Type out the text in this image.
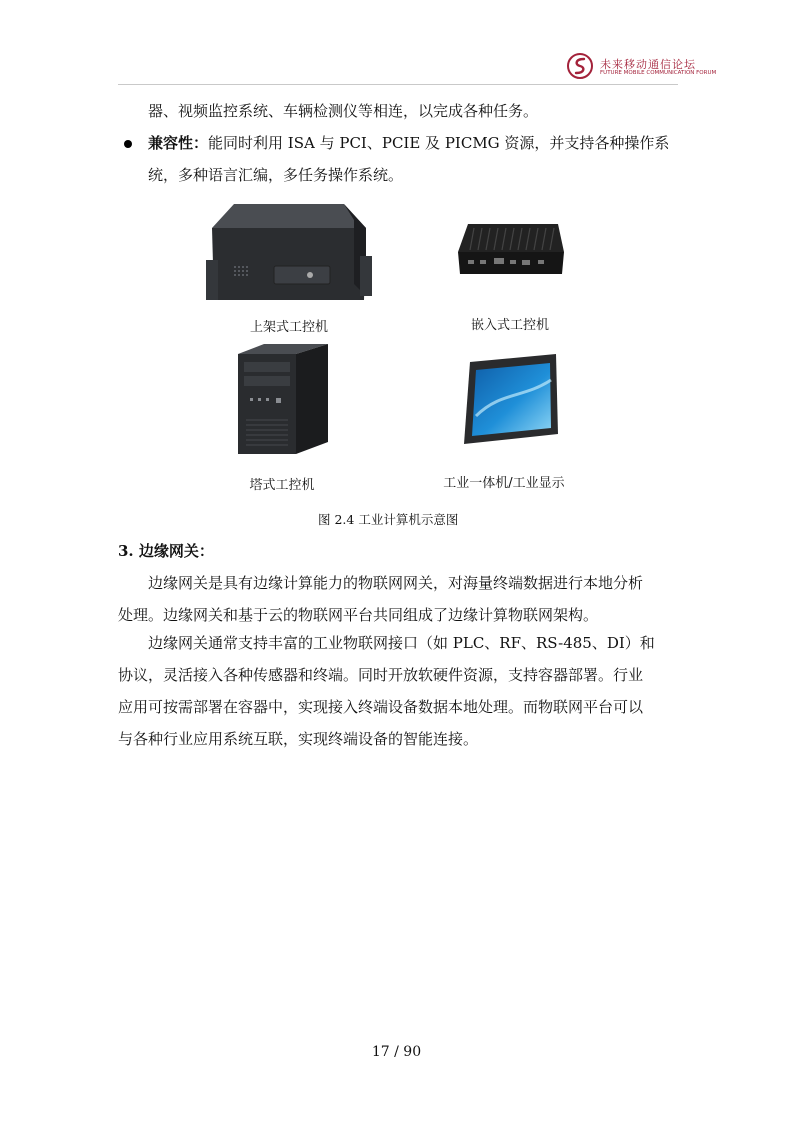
未来移动通信论坛
FUTURE MOBILE COMMUNICATION FORUM
器、视频监控系统、车辆检测仪等相连，以完成各种任务。
兼容性：能同时利用 ISA 与 PCI、PCIE 及 PICMG 资源，并支持各种操作系
统，多种语言汇编，多任务操作系统。
上架式工控机	嵌入式工控机
塔式工控机	工业一体机/工业显示
图 2.4 工业计算机示意图
3. 边缘网关：
边缘网关是具有边缘计算能力的物联网网关，对海量终端数据进行本地分析
处理。边缘网关和基于云的物联网平台共同组成了边缘计算物联网架构。
边缘网关通常支持丰富的工业物联网接口（如 PLC、RF、RS-485、DI）和
协议，灵活接入各种传感器和终端。同时开放软硬件资源，支持容器部署。行业
应用可按需部署在容器中，实现接入终端设备数据本地处理。而物联网平台可以
与各种行业应用系统互联，实现终端设备的智能连接。
17 / 90
